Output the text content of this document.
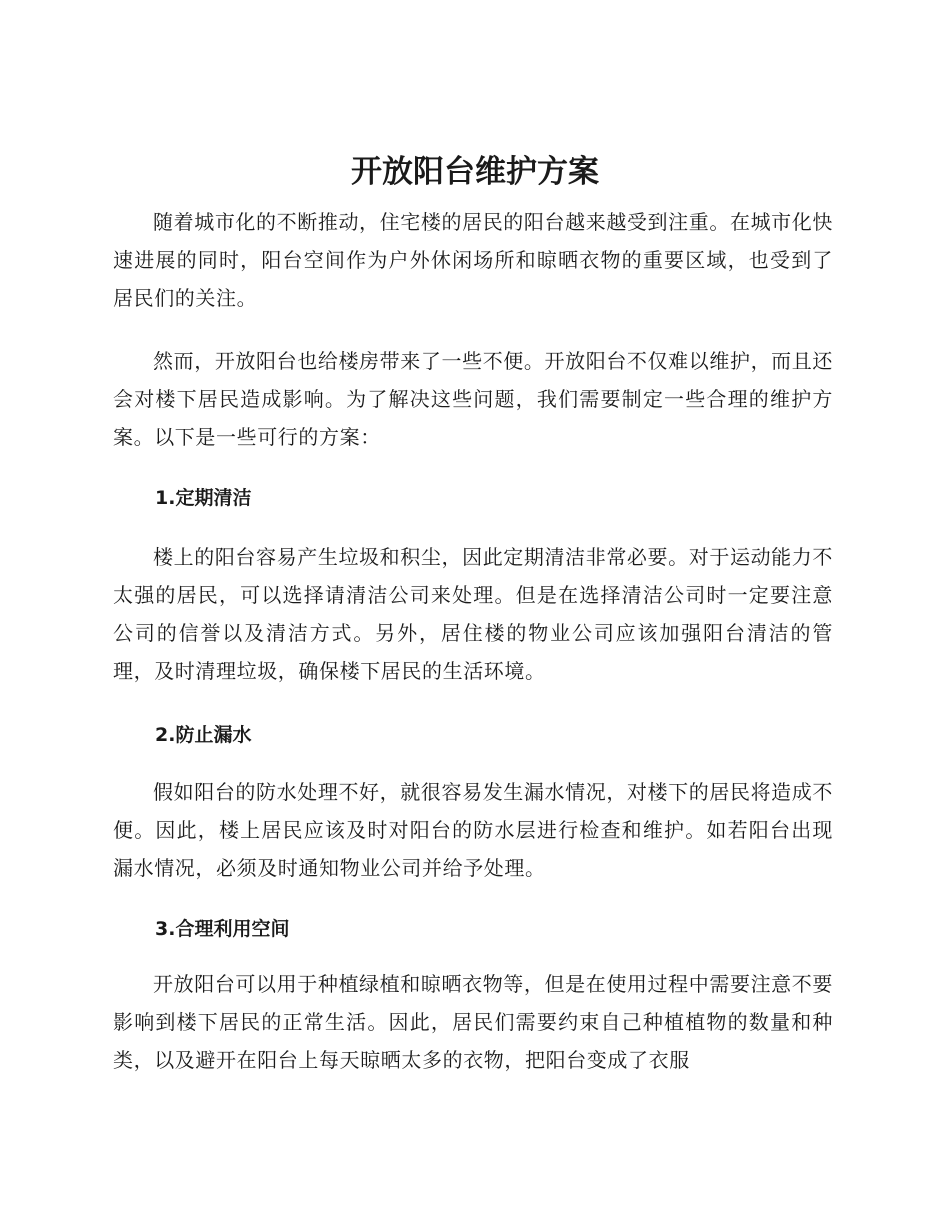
开放阳台维护方案

随着城市化的不断推动，住宅楼的居民的阳台越来越受到注重。在城市化快速进展的同时，阳台空间作为户外休闲场所和晾晒衣物的重要区域，也受到了居民们的关注。

然而，开放阳台也给楼房带来了一些不便。开放阳台不仅难以维护，而且还会对楼下居民造成影响。为了解决这些问题，我们需要制定一些合理的维护方案。以下是一些可行的方案：

1.定期清洁

楼上的阳台容易产生垃圾和积尘，因此定期清洁非常必要。对于运动能力不太强的居民，可以选择请清洁公司来处理。但是在选择清洁公司时一定要注意公司的信誉以及清洁方式。另外，居住楼的物业公司应该加强阳台清洁的管理，及时清理垃圾，确保楼下居民的生活环境。

2.防止漏水

假如阳台的防水处理不好，就很容易发生漏水情况，对楼下的居民将造成不便。因此，楼上居民应该及时对阳台的防水层进行检查和维护。如若阳台出现漏水情况，必须及时通知物业公司并给予处理。

3.合理利用空间

开放阳台可以用于种植绿植和晾晒衣物等，但是在使用过程中需要注意不要影响到楼下居民的正常生活。因此，居民们需要约束自己种植植物的数量和种类，以及避开在阳台上每天晾晒太多的衣物，把阳台变成了衣服
